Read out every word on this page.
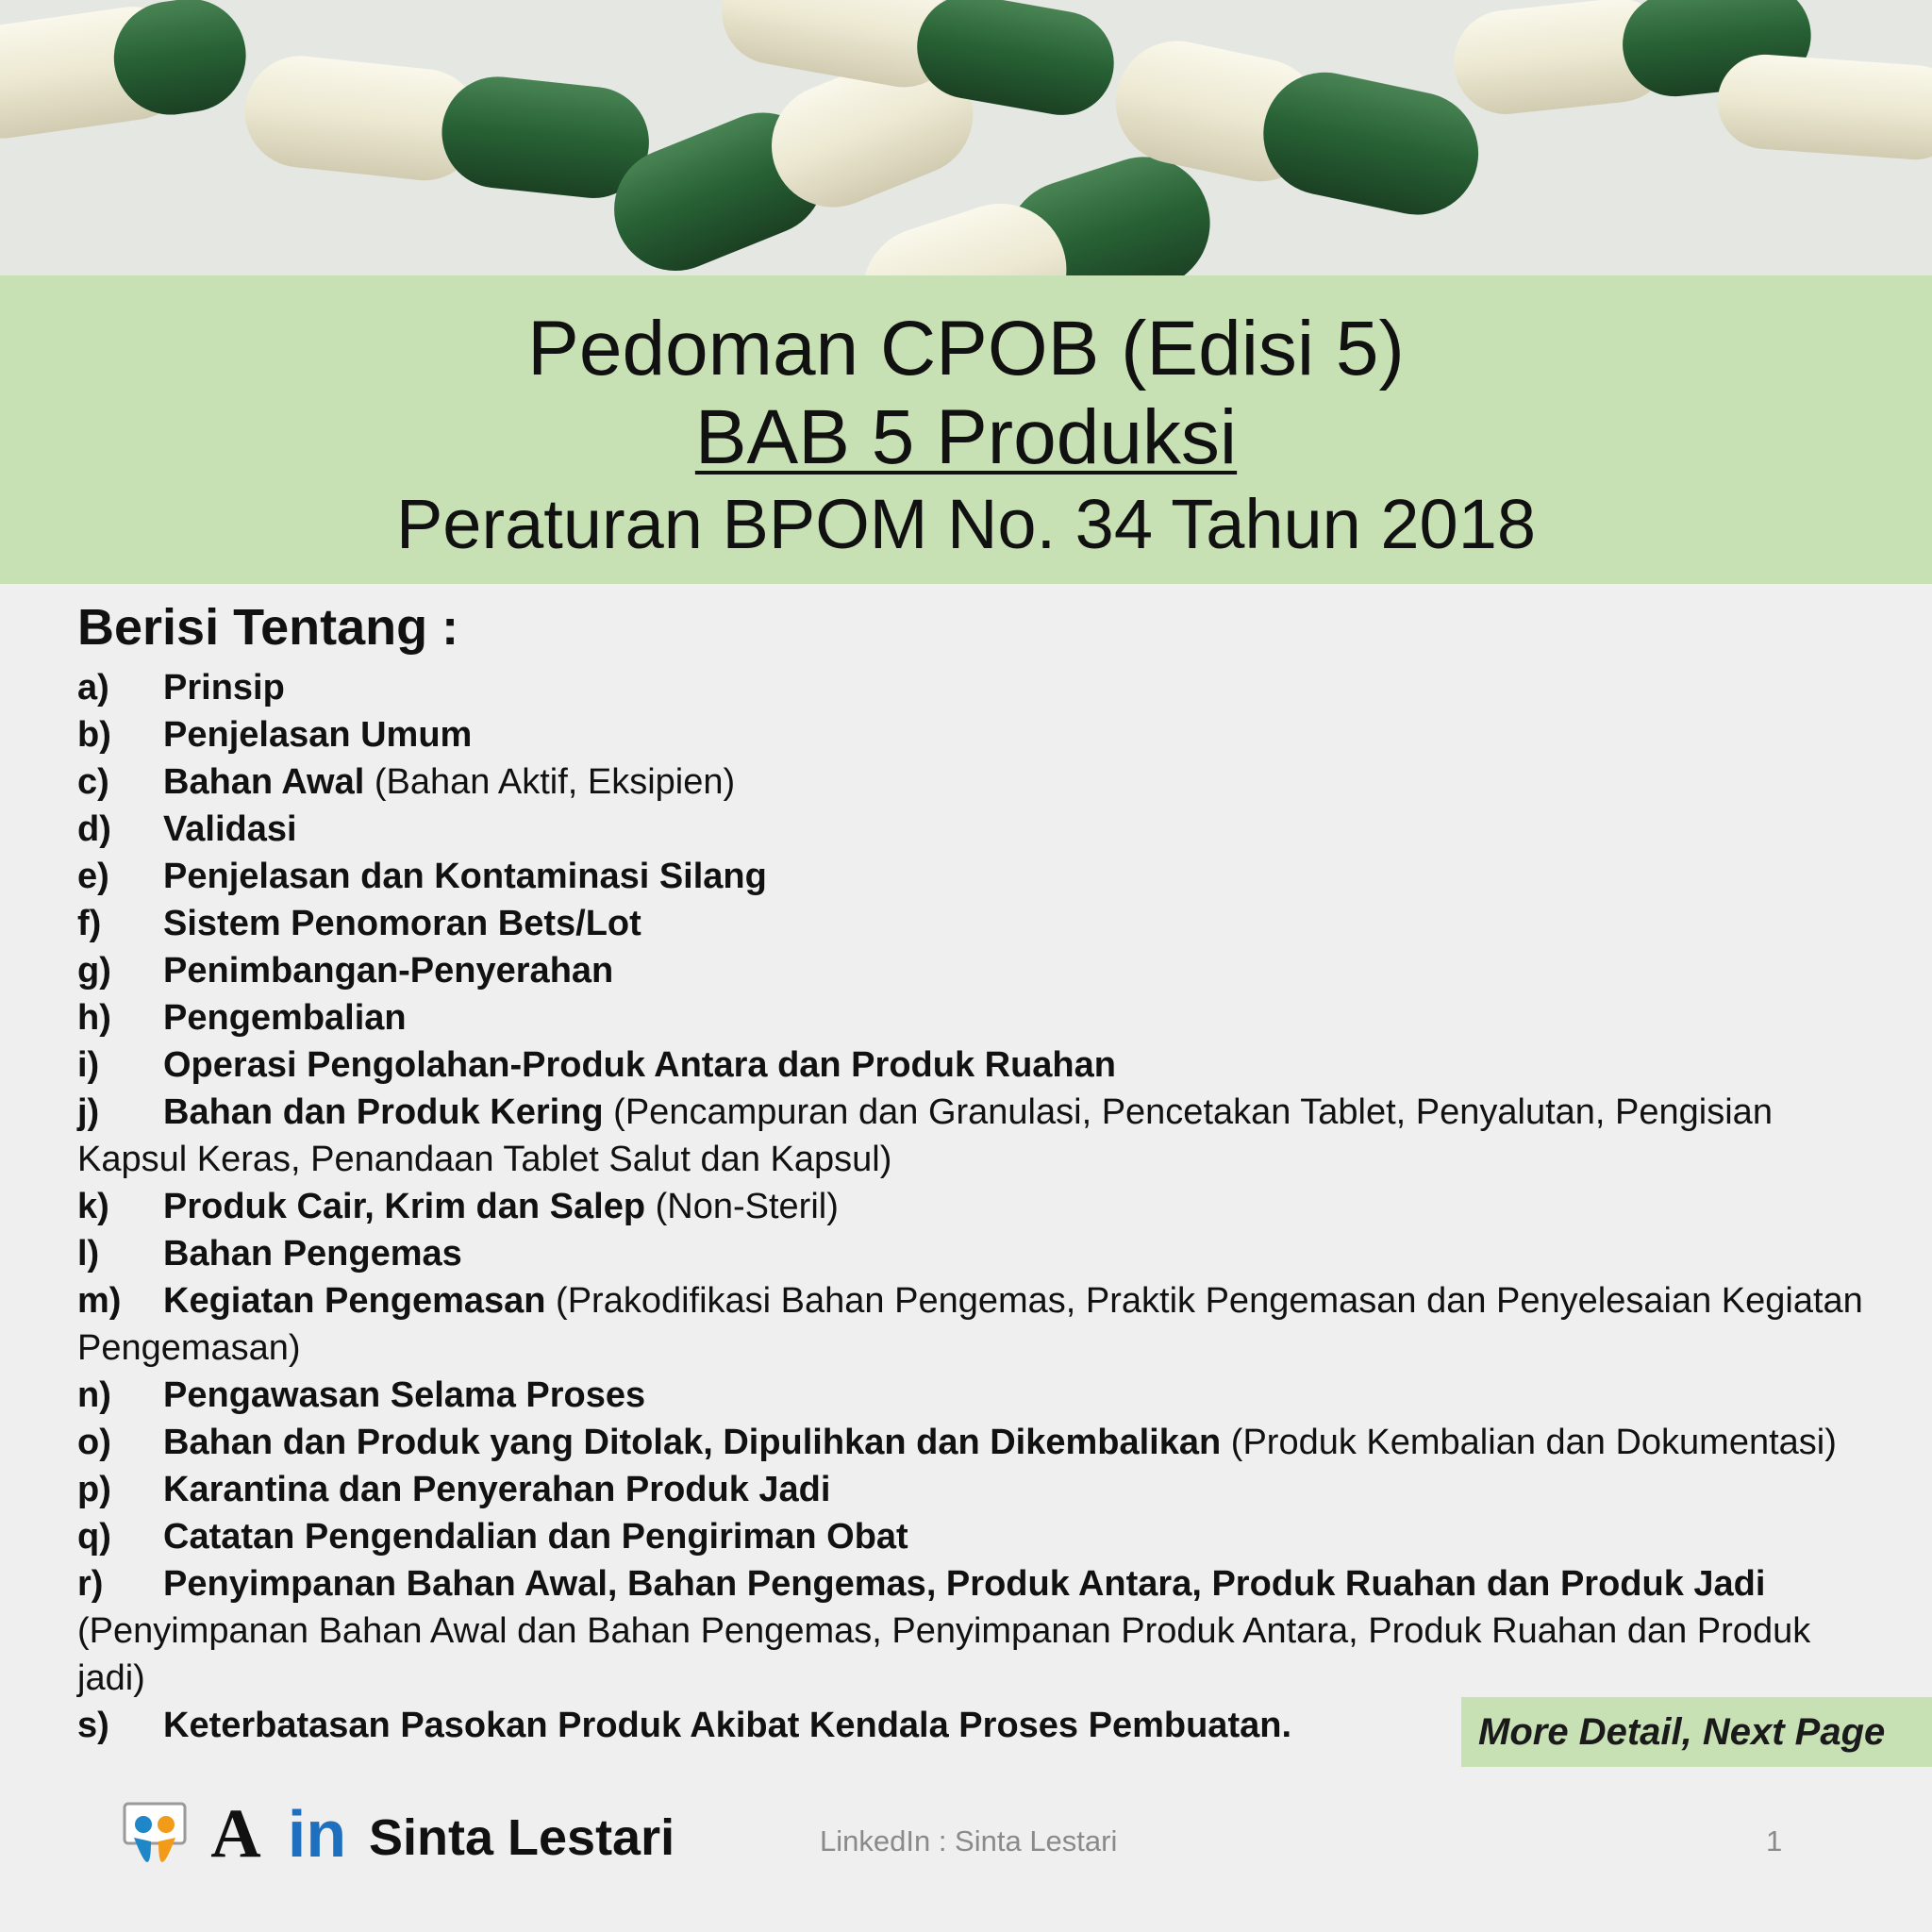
Pedoman CPOB (Edisi 5)
BAB 5 Produksi
Peraturan BPOM No. 34 Tahun 2018
Berisi Tentang :
a) Prinsip
b) Penjelasan Umum
c) Bahan Awal (Bahan Aktif, Eksipien)
d) Validasi
e) Penjelasan dan Kontaminasi Silang
f) Sistem Penomoran Bets/Lot
g) Penimbangan-Penyerahan
h) Pengembalian
i) Operasi Pengolahan-Produk Antara dan Produk Ruahan
j) Bahan dan Produk Kering (Pencampuran dan Granulasi, Pencetakan Tablet, Penyalutan, Pengisian Kapsul Keras, Penandaan Tablet Salut dan Kapsul)
k) Produk Cair, Krim dan Salep (Non-Steril)
l) Bahan Pengemas
m) Kegiatan Pengemasan (Prakodifikasi Bahan Pengemas, Praktik Pengemasan dan Penyelesaian Kegiatan Pengemasan)
n) Pengawasan Selama Proses
o) Bahan dan Produk yang Ditolak, Dipulihkan dan Dikembalikan (Produk Kembalian dan Dokumentasi)
p) Karantina dan Penyerahan Produk Jadi
q) Catatan Pengendalian dan Pengiriman Obat
r) Penyimpanan Bahan Awal, Bahan Pengemas, Produk Antara, Produk Ruahan dan Produk Jadi (Penyimpanan Bahan Awal dan Bahan Pengemas, Penyimpanan Produk Antara, Produk Ruahan dan Produk jadi)
s) Keterbatasan Pasokan Produk Akibat Kendala Proses Pembuatan.	More Detail, Next Page
A in Sinta Lestari	LinkedIn : Sinta Lestari	1
